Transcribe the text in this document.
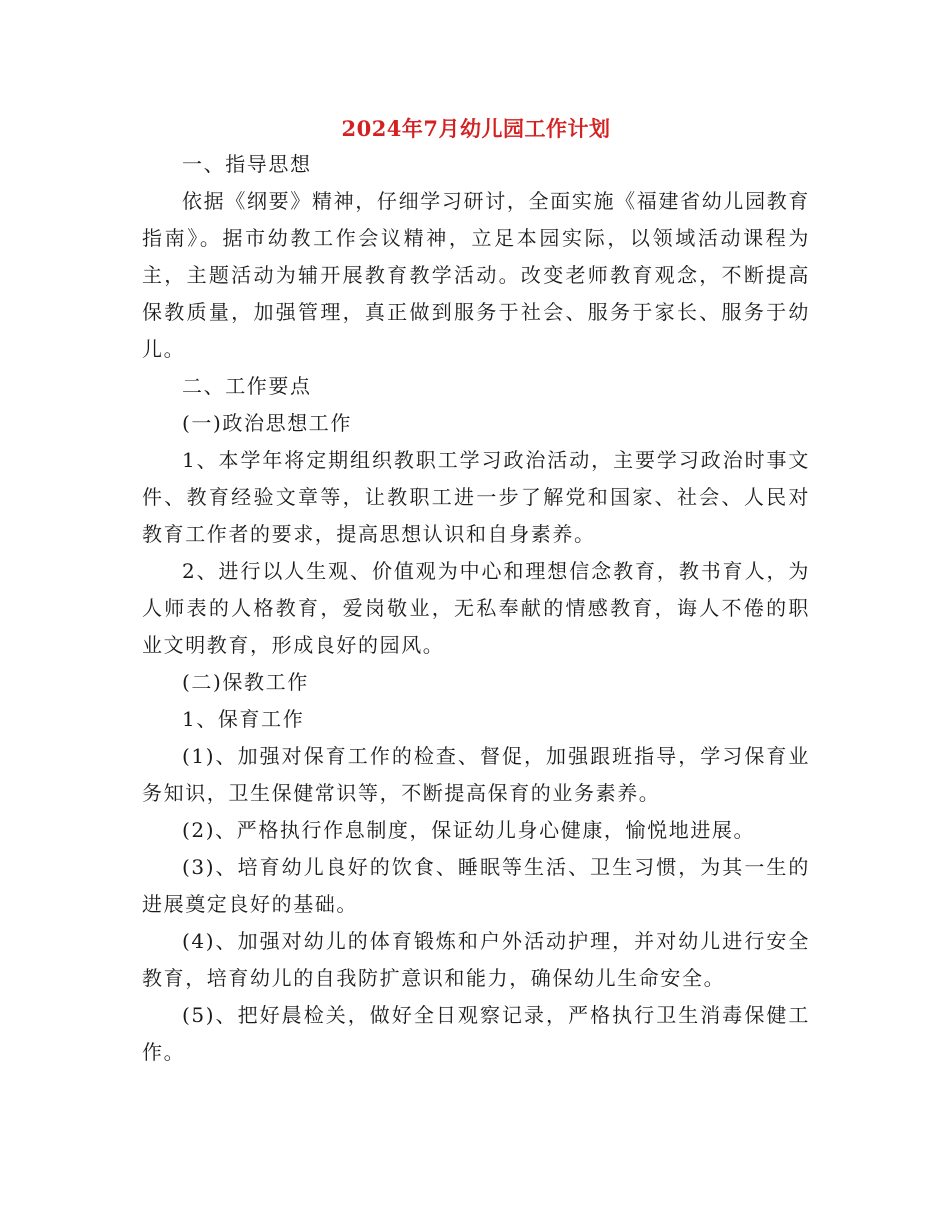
2024年7月幼儿园工作计划

一、指导思想

依据《纲要》精神，仔细学习研讨，全面实施《福建省幼儿园教育指南》。据市幼教工作会议精神，立足本园实际，以领域活动课程为主，主题活动为辅开展教育教学活动。改变老师教育观念，不断提高保教质量，加强管理，真正做到服务于社会、服务于家长、服务于幼儿。

二、工作要点

(一)政治思想工作

1、本学年将定期组织教职工学习政治活动，主要学习政治时事文件、教育经验文章等，让教职工进一步了解党和国家、社会、人民对教育工作者的要求，提高思想认识和自身素养。

2、进行以人生观、价值观为中心和理想信念教育，教书育人，为人师表的人格教育，爱岗敬业，无私奉献的情感教育，诲人不倦的职业文明教育，形成良好的园风。

(二)保教工作

1、保育工作

(1)、加强对保育工作的检查、督促，加强跟班指导，学习保育业务知识，卫生保健常识等，不断提高保育的业务素养。

(2)、严格执行作息制度，保证幼儿身心健康，愉悦地进展。

(3)、培育幼儿良好的饮食、睡眠等生活、卫生习惯，为其一生的进展奠定良好的基础。

(4)、加强对幼儿的体育锻炼和户外活动护理，并对幼儿进行安全教育，培育幼儿的自我防扩意识和能力，确保幼儿生命安全。

(5)、把好晨检关，做好全日观察记录，严格执行卫生消毒保健工作。
